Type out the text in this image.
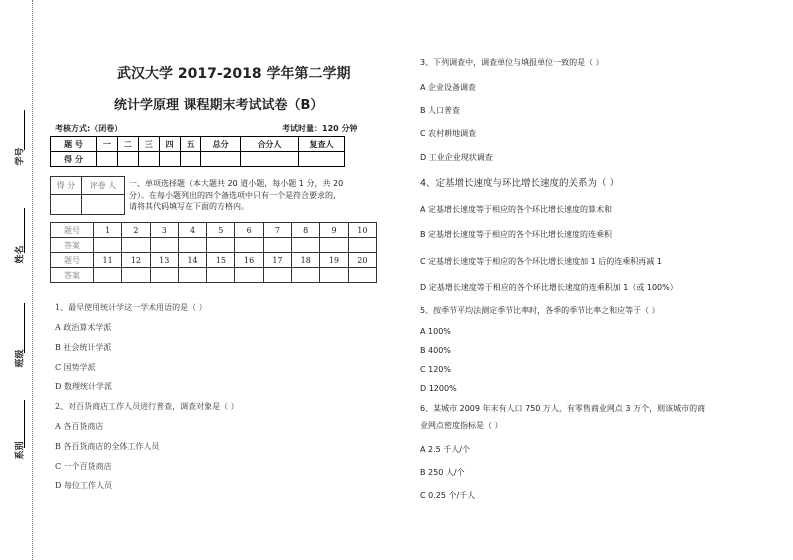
学号
姓名
班级
系别
武汉大学 2017-2018 学年第二学期
统计学原理 课程期末考试试卷（B）
考核方式:（闭卷）	考试时量：120 分钟
题 号	一	二	三	四	五	总分	合分人	复查人
得 分								
得 分	评卷 人
	一、单项选择题（本大题共 20 道小题，每小题 1 分，共 20
分）。在每小题列出的四个备选项中只有一个是符合要求的,
请将其代码填写在下面的方格内。
题号	1	2	3	4	5	6	7	8	9	10
答案										
题号	11	12	13	14	15	16	17	18	19	20
答案										
1、最早使用统计学这一学术用语的是（ ）
A 政治算术学派
B 社会统计学派
C 国势学派
D 数理统计学派
2、对百货商店工作人员进行普查，调查对象是（ ）
A 各百货商店
B 各百货商店的全体工作人员
C 一个百货商店
D 每位工作人员
3、下列调查中，调查单位与填报单位一致的是（ ）
A 企业设备调查
B 人口普查
C 农村耕地调查
D 工业企业现状调查
4、定基增长速度与环比增长速度的关系为（ ）
A 定基增长速度等于相应的各个环比增长速度的算术和
B 定基增长速度等于相应的各个环比增长速度的连乘积
C 定基增长速度等于相应的各个环比增长速度加 1 后的连乘积再减 1
D 定基增长速度等于相应的各个环比增长速度的连乘积加 1（或 100%）
5、按季节平均法测定季节比率时，各季的季节比率之和应等于（ ）
A 100%
B 400%
C 120%
D 1200%
6、某城市 2009 年末有人口 750 万人，有零售商业网点 3 万个，则该城市的商
业网点密度指标是（ ）
A 2.5 千人/个
B 250 人/个
C 0.25 个/千人
